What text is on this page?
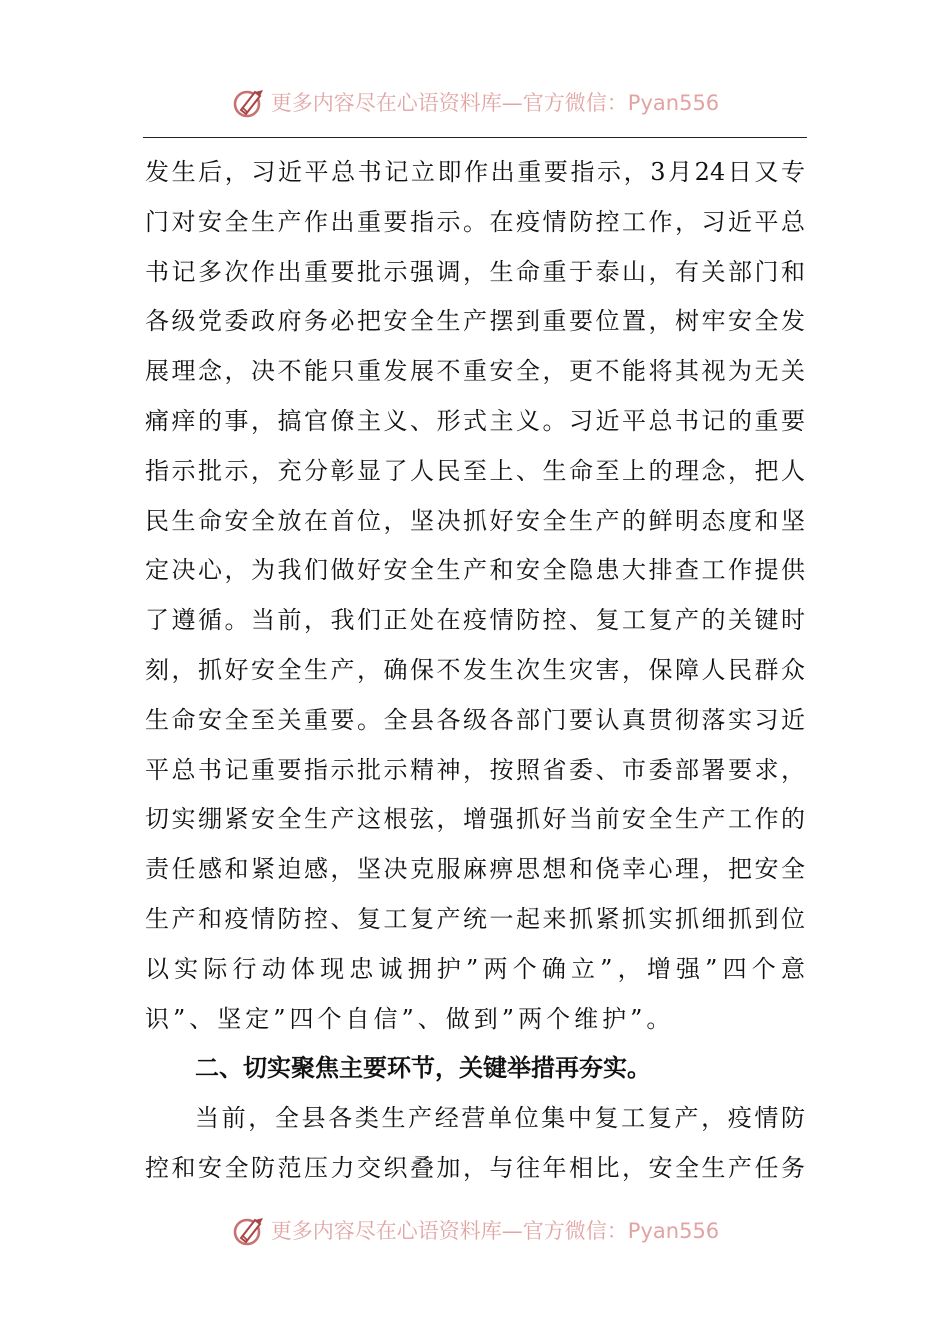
更多内容尽在心语资料库—官方微信：Pyan556
发生后，习近平总书记立即作出重要指示，3月24日又专
门对安全生产作出重要指示。在疫情防控工作，习近平总
书记多次作出重要批示强调，生命重于泰山，有关部门和
各级党委政府务必把安全生产摆到重要位置，树牢安全发
展理念，决不能只重发展不重安全，更不能将其视为无关
痛痒的事，搞官僚主义、形式主义。习近平总书记的重要
指示批示，充分彰显了人民至上、生命至上的理念，把人
民生命安全放在首位，坚决抓好安全生产的鲜明态度和坚
定决心，为我们做好安全生产和安全隐患大排查工作提供
了遵循。当前，我们正处在疫情防控、复工复产的关键时
刻，抓好安全生产，确保不发生次生灾害，保障人民群众
生命安全至关重要。全县各级各部门要认真贯彻落实习近
平总书记重要指示批示精神，按照省委、市委部署要求，
切实绷紧安全生产这根弦，增强抓好当前安全生产工作的
责任感和紧迫感，坚决克服麻痹思想和侥幸心理，把安全
生产和疫情防控、复工复产统一起来抓紧抓实抓细抓到位
以实际行动体现忠诚拥护”两个确立”，增强”四个意
识”、坚定”四个自信”、做到”两个维护”。
二、切实聚焦主要环节，关键举措再夯实。
当前，全县各类生产经营单位集中复工复产，疫情防
控和安全防范压力交织叠加，与往年相比，安全生产任务
更多内容尽在心语资料库—官方微信：Pyan556
